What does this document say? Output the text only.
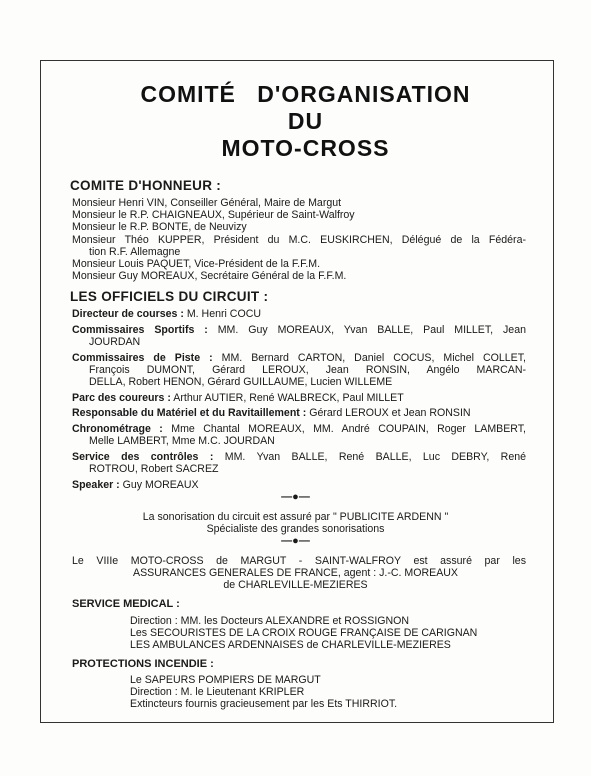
COMITÉ D'ORGANISATION
DU
MOTO-CROSS
COMITE D'HONNEUR :
Monsieur Henri VIN, Conseiller Général, Maire de Margut
Monsieur le R.P. CHAIGNEAUX, Supérieur de Saint-Walfroy
Monsieur le R.P. BONTE, de Neuvizy
Monsieur Théo KUPPER, Président du M.C. EUSKIRCHEN, Délégué de la Fédéra-
tion R.F. Allemagne
Monsieur Louis PAQUET, Vice-Président de la F.F.M.
Monsieur Guy MOREAUX, Secrétaire Général de la F.F.M.
LES OFFICIELS DU CIRCUIT :
Directeur de courses : M. Henri COCU
Commissaires Sportifs : MM. Guy MOREAUX, Yvan BALLE, Paul MILLET, Jean
JOURDAN
Commissaires de Piste : MM. Bernard CARTON, Daniel COCUS, Michel COLLET,
François DUMONT, Gérard LEROUX, Jean RONSIN, Angélo MARCAN-
DELLA, Robert HENON, Gérard GUILLAUME, Lucien WILLEME
Parc des coureurs : Arthur AUTIER, René WALBRECK, Paul MILLET
Responsable du Matériel et du Ravitaillement : Gérard LEROUX et Jean RONSIN
Chronométrage : Mme Chantal MOREAUX, MM. André COUPAIN, Roger LAMBERT,
Melle LAMBERT, Mme M.C. JOURDAN
Service des contrôles : MM. Yvan BALLE, René BALLE, Luc DEBRY, René
ROTROU, Robert SACREZ
Speaker : Guy MOREAUX
—●—
La sonorisation du circuit est assuré par " PUBLICITE ARDENN "
Spécialiste des grandes sonorisations
—●—
Le VIIIe MOTO-CROSS de MARGUT - SAINT-WALFROY est assuré par les
ASSURANCES GENERALES DE FRANCE, agent : J.-C. MOREAUX
de CHARLEVILLE-MEZIERES
SERVICE MEDICAL :
Direction : MM. les Docteurs ALEXANDRE et ROSSIGNON
Les SECOURISTES DE LA CROIX ROUGE FRANÇAISE DE CARIGNAN
LES AMBULANCES ARDENNAISES de CHARLEVILLE-MEZIERES
PROTECTIONS INCENDIE :
Le SAPEURS POMPIERS DE MARGUT
Direction : M. le Lieutenant KRIPLER
Extincteurs fournis gracieusement par les Ets THIRRIOT.
